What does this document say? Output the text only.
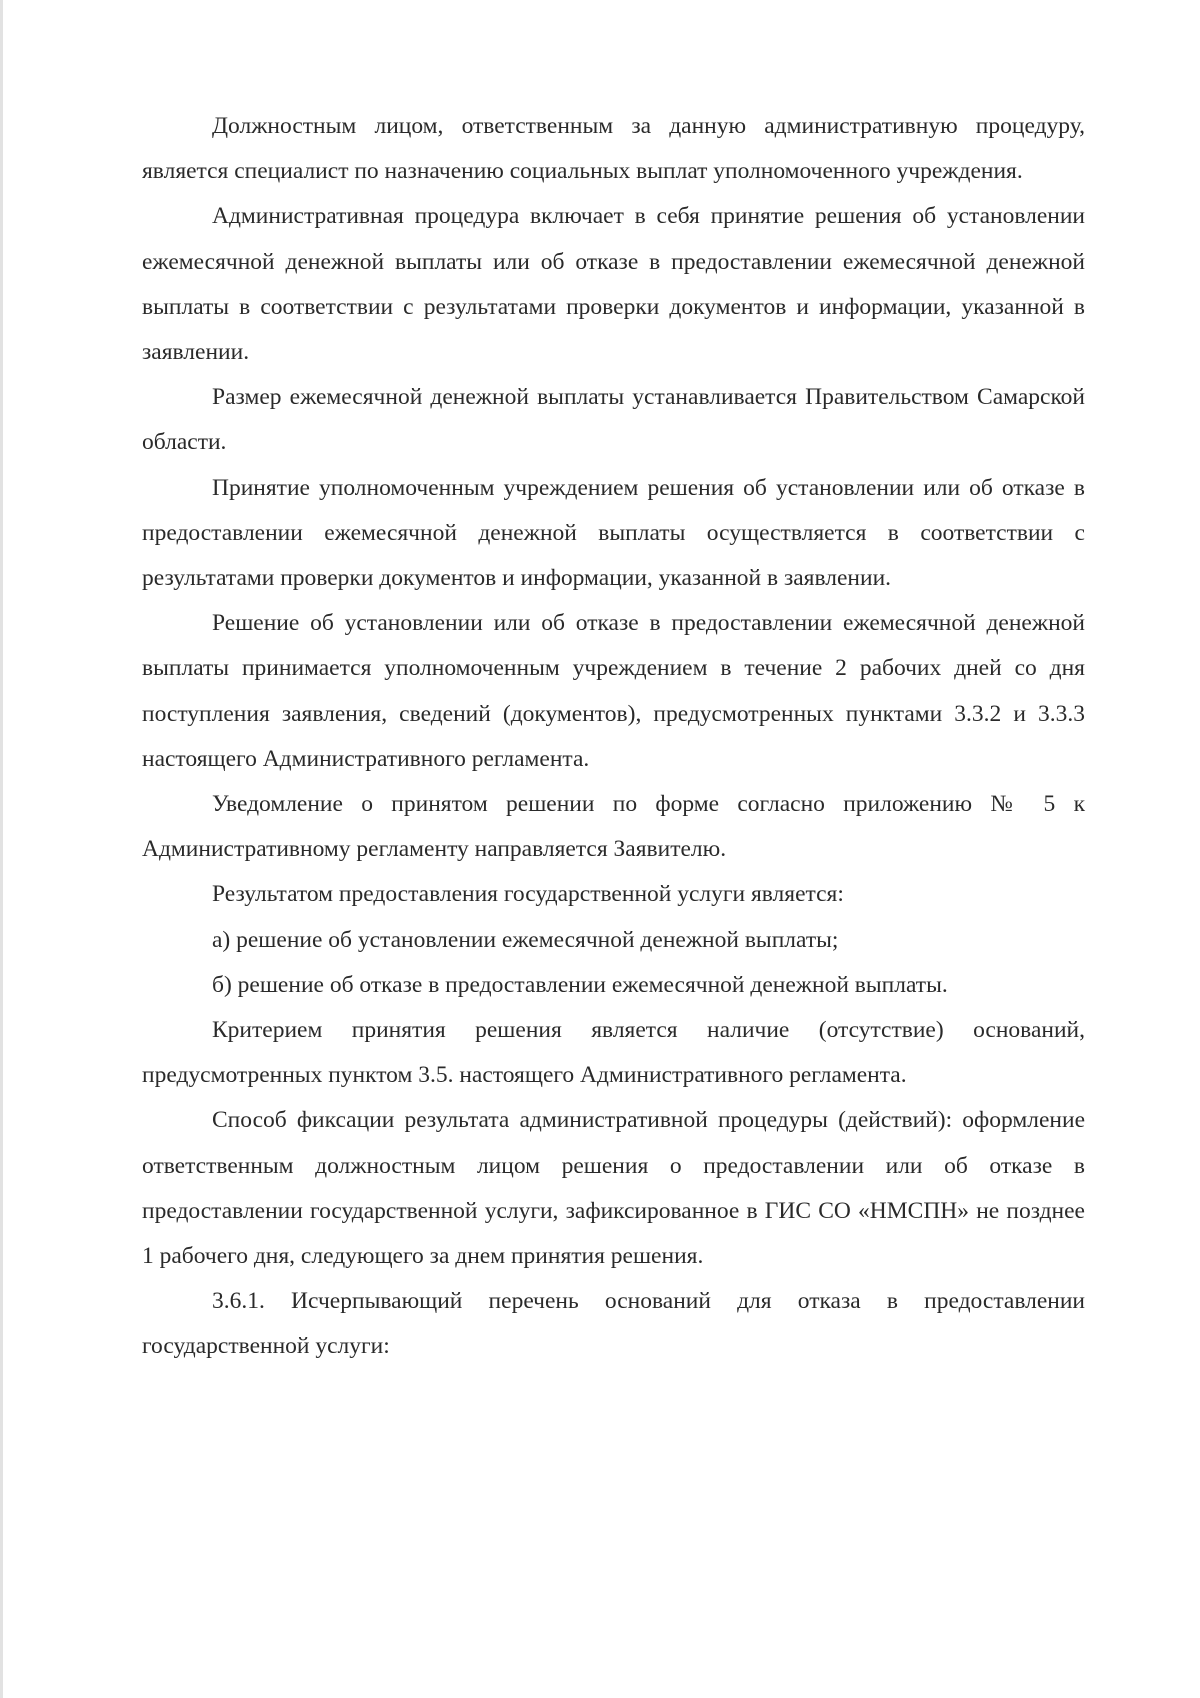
Должностным лицом, ответственным за данную административную процедуру, является специалист по назначению социальных выплат уполномоченного учреждения.

Административная процедура включает в себя принятие решения об установлении ежемесячной денежной выплаты или об отказе в предоставлении ежемесячной денежной выплаты в соответствии с результатами проверки документов и информации, указанной в заявлении.

Размер ежемесячной денежной выплаты устанавливается Правительством Самарской области.

Принятие уполномоченным учреждением решения об установлении или об отказе в предоставлении ежемесячной денежной выплаты осуществляется в соответствии с результатами проверки документов и информации, указанной в заявлении.

Решение об установлении или об отказе в предоставлении ежемесячной денежной выплаты принимается уполномоченным учреждением в течение 2 рабочих дней со дня поступления заявления, сведений (документов), предусмотренных пунктами 3.3.2 и 3.3.3 настоящего Административного регламента.

Уведомление о принятом решении по форме согласно приложению № 5 к Административному регламенту направляется Заявителю.

Результатом предоставления государственной услуги является:

а) решение об установлении ежемесячной денежной выплаты;

б) решение об отказе в предоставлении ежемесячной денежной выплаты.

Критерием принятия решения является наличие (отсутствие) оснований, предусмотренных пунктом 3.5. настоящего Административного регламента.

Способ фиксации результата административной процедуры (действий): оформление ответственным должностным лицом решения о предоставлении или об отказе в предоставлении государственной услуги, зафиксированное в ГИС СО «НМСПН» не позднее 1 рабочего дня, следующего за днем принятия решения.

3.6.1. Исчерпывающий перечень оснований для отказа в предоставлении государственной услуги:
